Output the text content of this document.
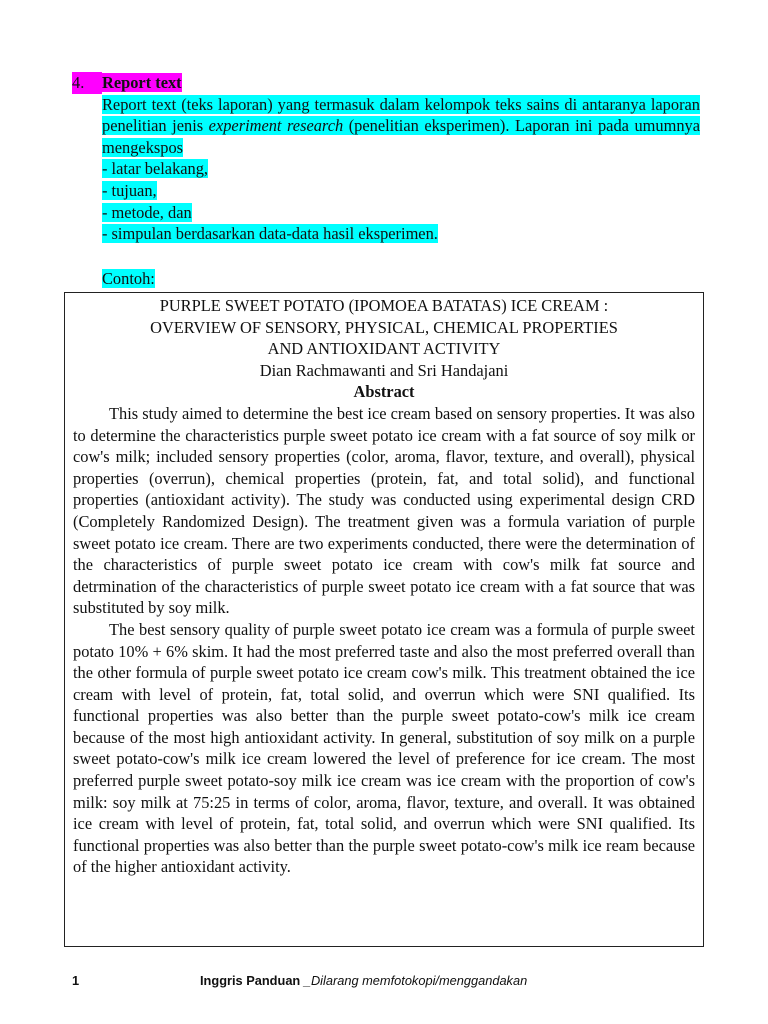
4.	Report text
Report text (teks laporan) yang termasuk dalam kelompok teks sains di antaranya laporan penelitian jenis experiment research (penelitian eksperimen). Laporan ini pada umumnya mengekspos
- latar belakang,
- tujuan,
- metode, dan
- simpulan berdasarkan data-data hasil eksperimen.
Contoh:
PURPLE SWEET POTATO (IPOMOEA BATATAS) ICE CREAM :
OVERVIEW OF SENSORY, PHYSICAL, CHEMICAL PROPERTIES
AND ANTIOXIDANT ACTIVITY
Dian Rachmawanti and Sri Handajani
Abstract

This study aimed to determine the best ice cream based on sensory properties. It was also to determine the characteristics purple sweet potato ice cream with a fat source of soy milk or cow's milk; included sensory properties (color, aroma, flavor, texture, and overall), physical properties (overrun), chemical properties (protein, fat, and total solid), and functional properties (antioxidant activity). The study was conducted using experimental design CRD (Completely Randomized Design). The treatment given was a formula variation of purple sweet potato ice cream. There are two experiments conducted, there were the determination of the characteristics of purple sweet potato ice cream with cow's milk fat source and detrmination of the characteristics of purple sweet potato ice cream with a fat source that was substituted by soy milk.

The best sensory quality of purple sweet potato ice cream was a formula of purple sweet potato 10% + 6% skim. It had the most preferred taste and also the most preferred overall than the other formula of purple sweet potato ice cream cow's milk. This treatment obtained the ice cream with level of protein, fat, total solid, and overrun which were SNI qualified. Its functional properties was also better than the purple sweet potato-cow's milk ice cream because of the most high antioxidant activity. In general, substitution of soy milk on a purple sweet potato-cow's milk ice cream lowered the level of preference for ice cream. The most preferred purple sweet potato-soy milk ice cream was ice cream with the proportion of cow's milk: soy milk at 75:25 in terms of color, aroma, flavor, texture, and overall. It was obtained ice cream with level of protein, fat, total solid, and overrun which were SNI qualified. Its functional properties was also better than the purple sweet potato-cow's milk ice ream because of the higher antioxidant activity.

1	Inggris Panduan _Dilarang memfotokopi/menggandakan
